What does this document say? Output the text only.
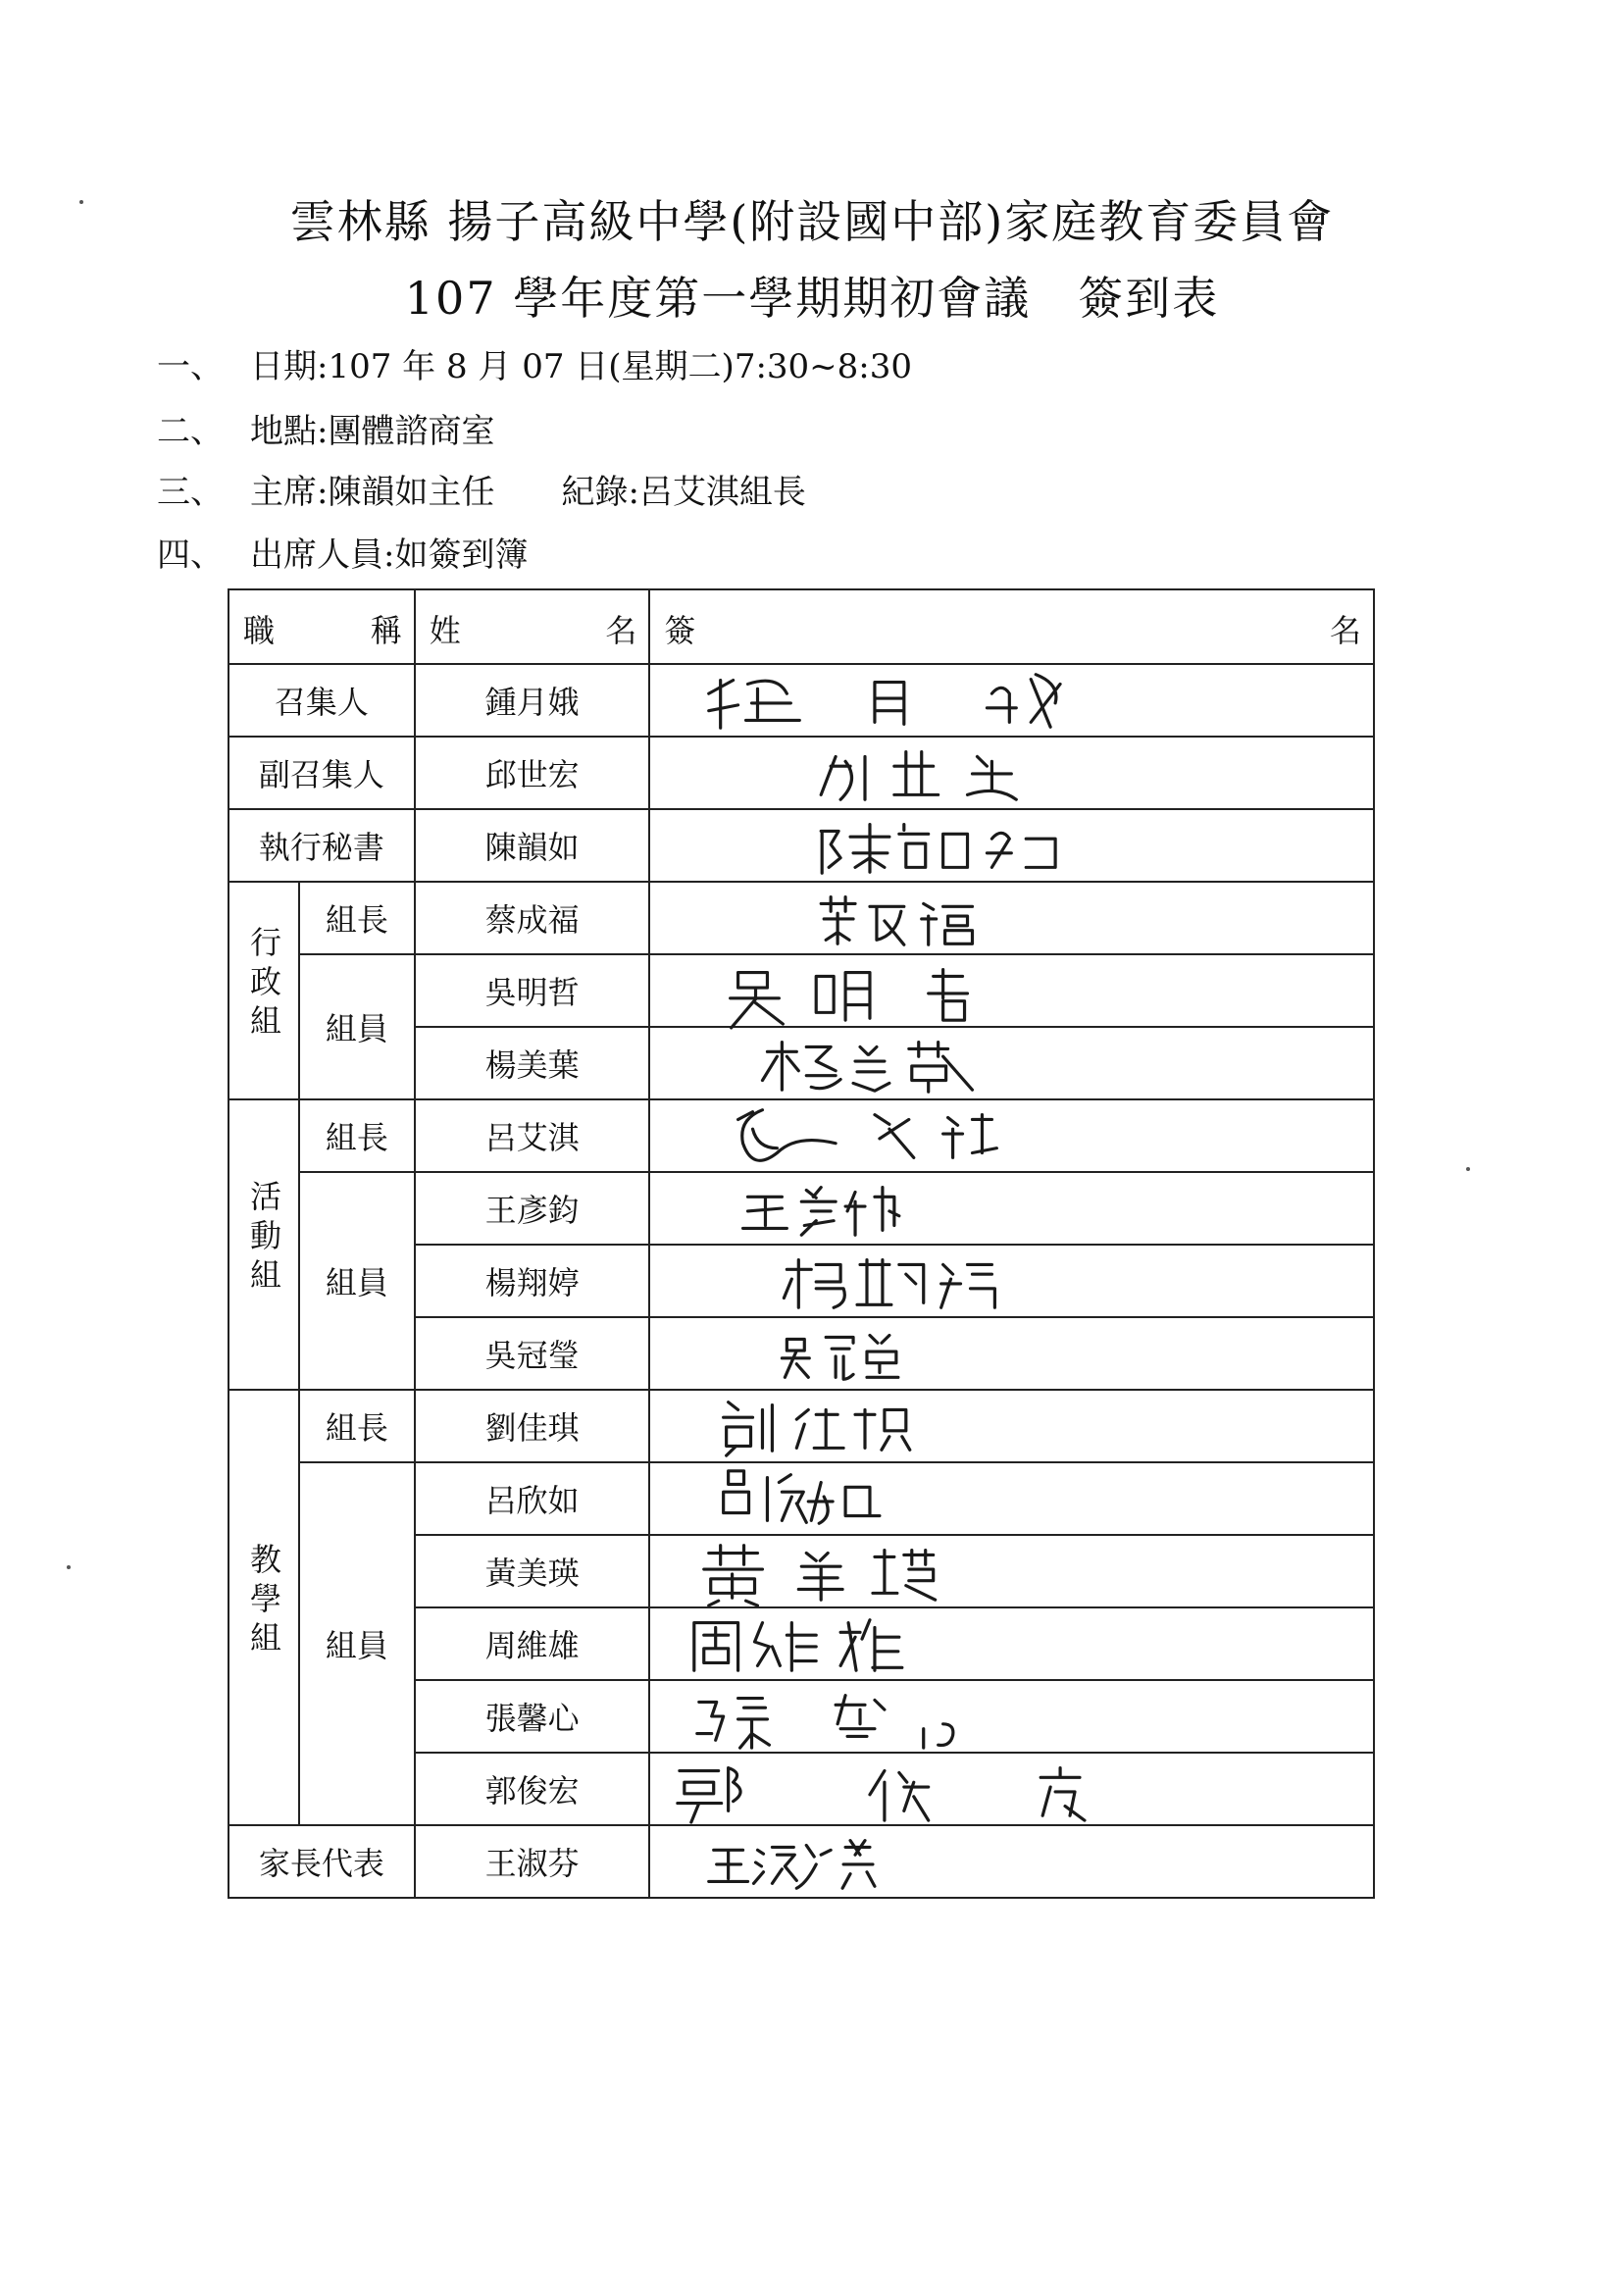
雲林縣 揚子高級中學(附設國中部)家庭教育委員會
107 學年度第一學期期初會議　簽到表
一、 日期:107 年 8 月 07 日(星期二)7:30~8:30
二、 地點:團體諮商室
三、 主席:陳韻如主任　　紀錄:呂艾淇組長
四、 出席人員:如簽到簿
職 稱		姓 名	簽 名

召集人		鍾月娥	

副召集人		邱世宏	

執行秘書		陳韻如	

行政組	組長	蔡成福	

	組員	吳明哲	

		楊美葉	

活動組	組長	呂艾淇	

	組員	王彥鈞	

		楊翔婷	

		吳冠瑩	

教學組	組長	劉佳琪	

	組員	呂欣如	

		黃美瑛	

		周維雄	

		張馨心	

		郭俊宏	

家長代表		王淑芬	
